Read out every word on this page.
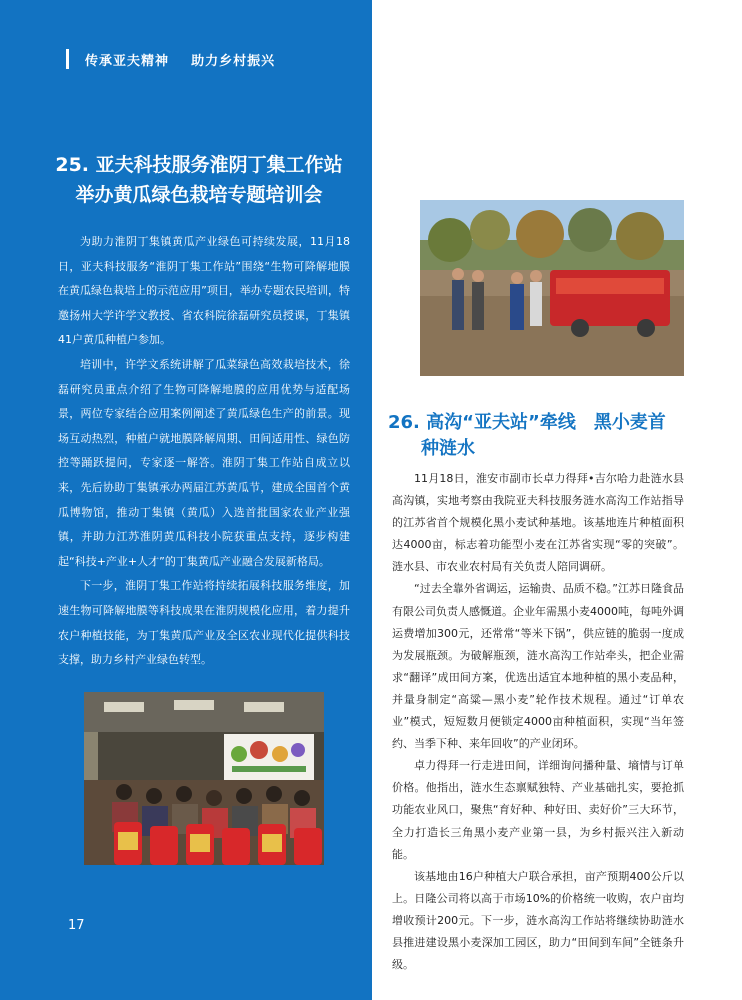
传承亚夫精神    助力乡村振兴
25. 亚夫科技服务淮阴丁集工作站
举办黄瓜绿色栽培专题培训会

为助力淮阴丁集镇黄瓜产业绿色可持续发展，11月18日，亚夫科技服务“淮阴丁集工作站”围绕“生物可降解地膜在黄瓜绿色栽培上的示范应用”项目，举办专题农民培训，特邀扬州大学许学文教授、省农科院徐磊研究员授课，丁集镇41户黄瓜种植户参加。

培训中，许学文系统讲解了瓜菜绿色高效栽培技术，徐磊研究员重点介绍了生物可降解地膜的应用优势与适配场景，两位专家结合应用案例阐述了黄瓜绿色生产的前景。现场互动热烈，种植户就地膜降解周期、田间适用性、绿色防控等踊跃提问，专家逐一解答。淮阴丁集工作站自成立以来，先后协助丁集镇承办两届江苏黄瓜节，建成全国首个黄瓜博物馆，推动丁集镇（黄瓜）入选首批国家农业产业强镇，并助力江苏淮阴黄瓜科技小院获重点支持，逐步构建起“科技+产业+人才”的丁集黄瓜产业融合发展新格局。

下一步，淮阴丁集工作站将持续拓展科技服务维度，加速生物可降解地膜等科技成果在淮阴规模化应用，着力提升农户种植技能，为丁集黄瓜产业及全区农业现代化提供科技支撑，助力乡村产业绿色转型。

17
26. 高沟“亚夫站”牵线　黑小麦首
种涟水

11月18日，淮安市副市长卓力得拜•吉尔哈力赴涟水县高沟镇，实地考察由我院亚夫科技服务涟水高沟工作站指导的江苏省首个规模化黑小麦试种基地。该基地连片种植面积达4000亩，标志着功能型小麦在江苏省实现“零的突破”。涟水县、市农业农村局有关负责人陪同调研。

“过去全靠外省调运，运输贵、品质不稳。”江苏日隆食品有限公司负责人感慨道。企业年需黑小麦4000吨，每吨外调运费增加300元，还常常“等米下锅”，供应链的脆弱一度成为发展瓶颈。为破解瓶颈，涟水高沟工作站牵头，把企业需求“翻译”成田间方案，优选出适宜本地种植的黑小麦品种，并量身制定“高粱—黑小麦”轮作技术规程。通过“订单农业”模式，短短数月便锁定4000亩种植面积，实现“当年签约、当季下种、来年回收”的产业闭环。

卓力得拜一行走进田间，详细询问播种量、墒情与订单价格。他指出，涟水生态禀赋独特、产业基础扎实，要抢抓功能农业风口，聚焦“育好种、种好田、卖好价”三大环节，全力打造长三角黑小麦产业第一县，为乡村振兴注入新动能。

该基地由16户种植大户联合承担，亩产预期400公斤以上。日隆公司将以高于市场10%的价格统一收购，农户亩均增收预计200元。下一步，涟水高沟工作站将继续协助涟水县推进建设黑小麦深加工园区，助力“田间到车间”全链条升级。
